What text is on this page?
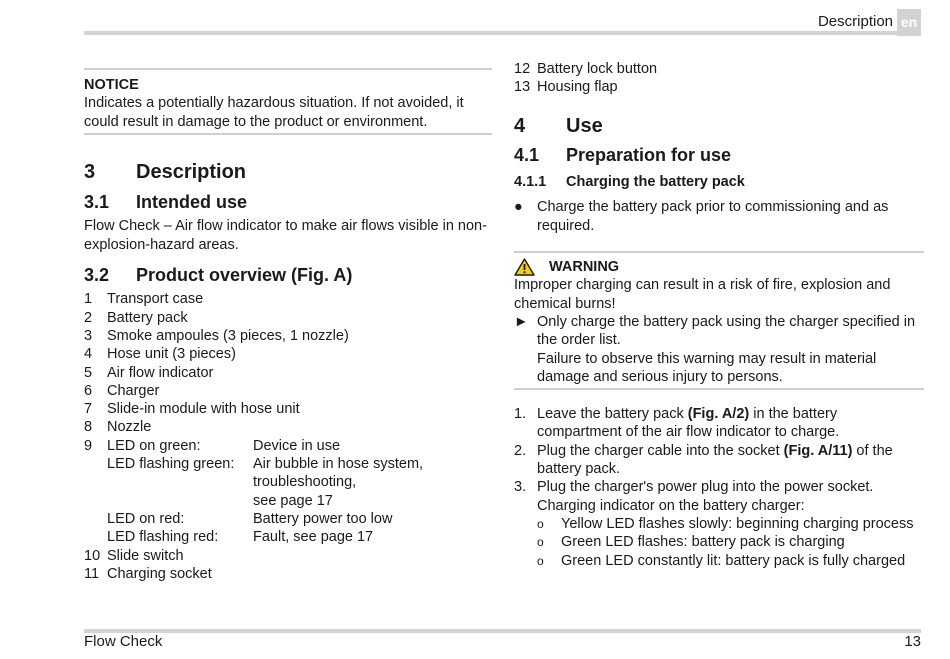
Description en
NOTICE
Indicates a potentially hazardous situation. If not avoided, it could result in damage to the product or environment.
3	Description
3.1	Intended use
Flow Check – Air flow indicator to make air flows visible in non-explosion-hazard areas.
3.2	Product overview (Fig. A)
1	Transport case
2	Battery pack
3	Smoke ampoules (3 pieces, 1 nozzle)
4	Hose unit (3 pieces)
5	Air flow indicator
6	Charger
7	Slide-in module with hose unit
8	Nozzle
9	LED on green:	Device in use
LED flashing green:	Air bubble in hose system,
troubleshooting,
see page 17
LED on red:	Battery power too low
LED flashing red:	Fault, see page 17
10 Slide switch
11 Charging socket
12 Battery lock button
13 Housing flap
4	Use
4.1	Preparation for use
4.1.1	Charging the battery pack
● Charge the battery pack prior to commissioning and as required.
WARNING
Improper charging can result in a risk of fire, explosion and chemical burns!
► Only charge the battery pack using the charger specified in the order list.
Failure to observe this warning may result in material damage and serious injury to persons.
1. Leave the battery pack (Fig. A/2) in the battery compartment of the air flow indicator to charge.
2. Plug the charger cable into the socket (Fig. A/11) of the battery pack.
3. Plug the charger's power plug into the power socket.
Charging indicator on the battery charger:
o	Yellow LED flashes slowly: beginning charging process
o	Green LED flashes: battery pack is charging
o	Green LED constantly lit: battery pack is fully charged
Flow Check	13
